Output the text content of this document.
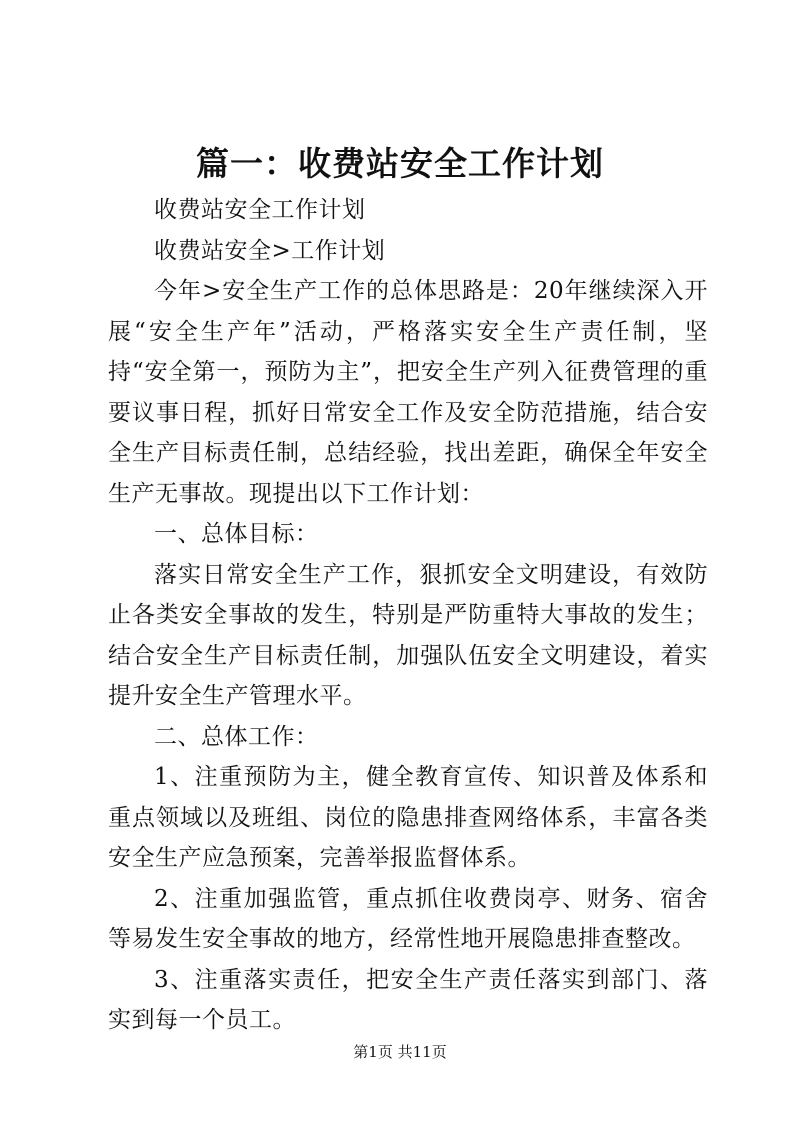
篇一：收费站安全工作计划

收费站安全工作计划

收费站安全>工作计划

今年>安全生产工作的总体思路是：20年继续深入开展“安全生产年”活动，严格落实安全生产责任制，坚持“安全第一，预防为主”，把安全生产列入征费管理的重要议事日程，抓好日常安全工作及安全防范措施，结合安全生产目标责任制，总结经验，找出差距，确保全年安全生产无事故。现提出以下工作计划：

一、总体目标：

落实日常安全生产工作，狠抓安全文明建设，有效防止各类安全事故的发生，特别是严防重特大事故的发生；结合安全生产目标责任制，加强队伍安全文明建设，着实提升安全生产管理水平。

二、总体工作：

1、注重预防为主，健全教育宣传、知识普及体系和重点领域以及班组、岗位的隐患排查网络体系，丰富各类安全生产应急预案，完善举报监督体系。

2、注重加强监管，重点抓住收费岗亭、财务、宿舍等易发生安全事故的地方，经常性地开展隐患排查整改。

3、注重落实责任，把安全生产责任落实到部门、落实到每一个员工。

第1页 共11页
